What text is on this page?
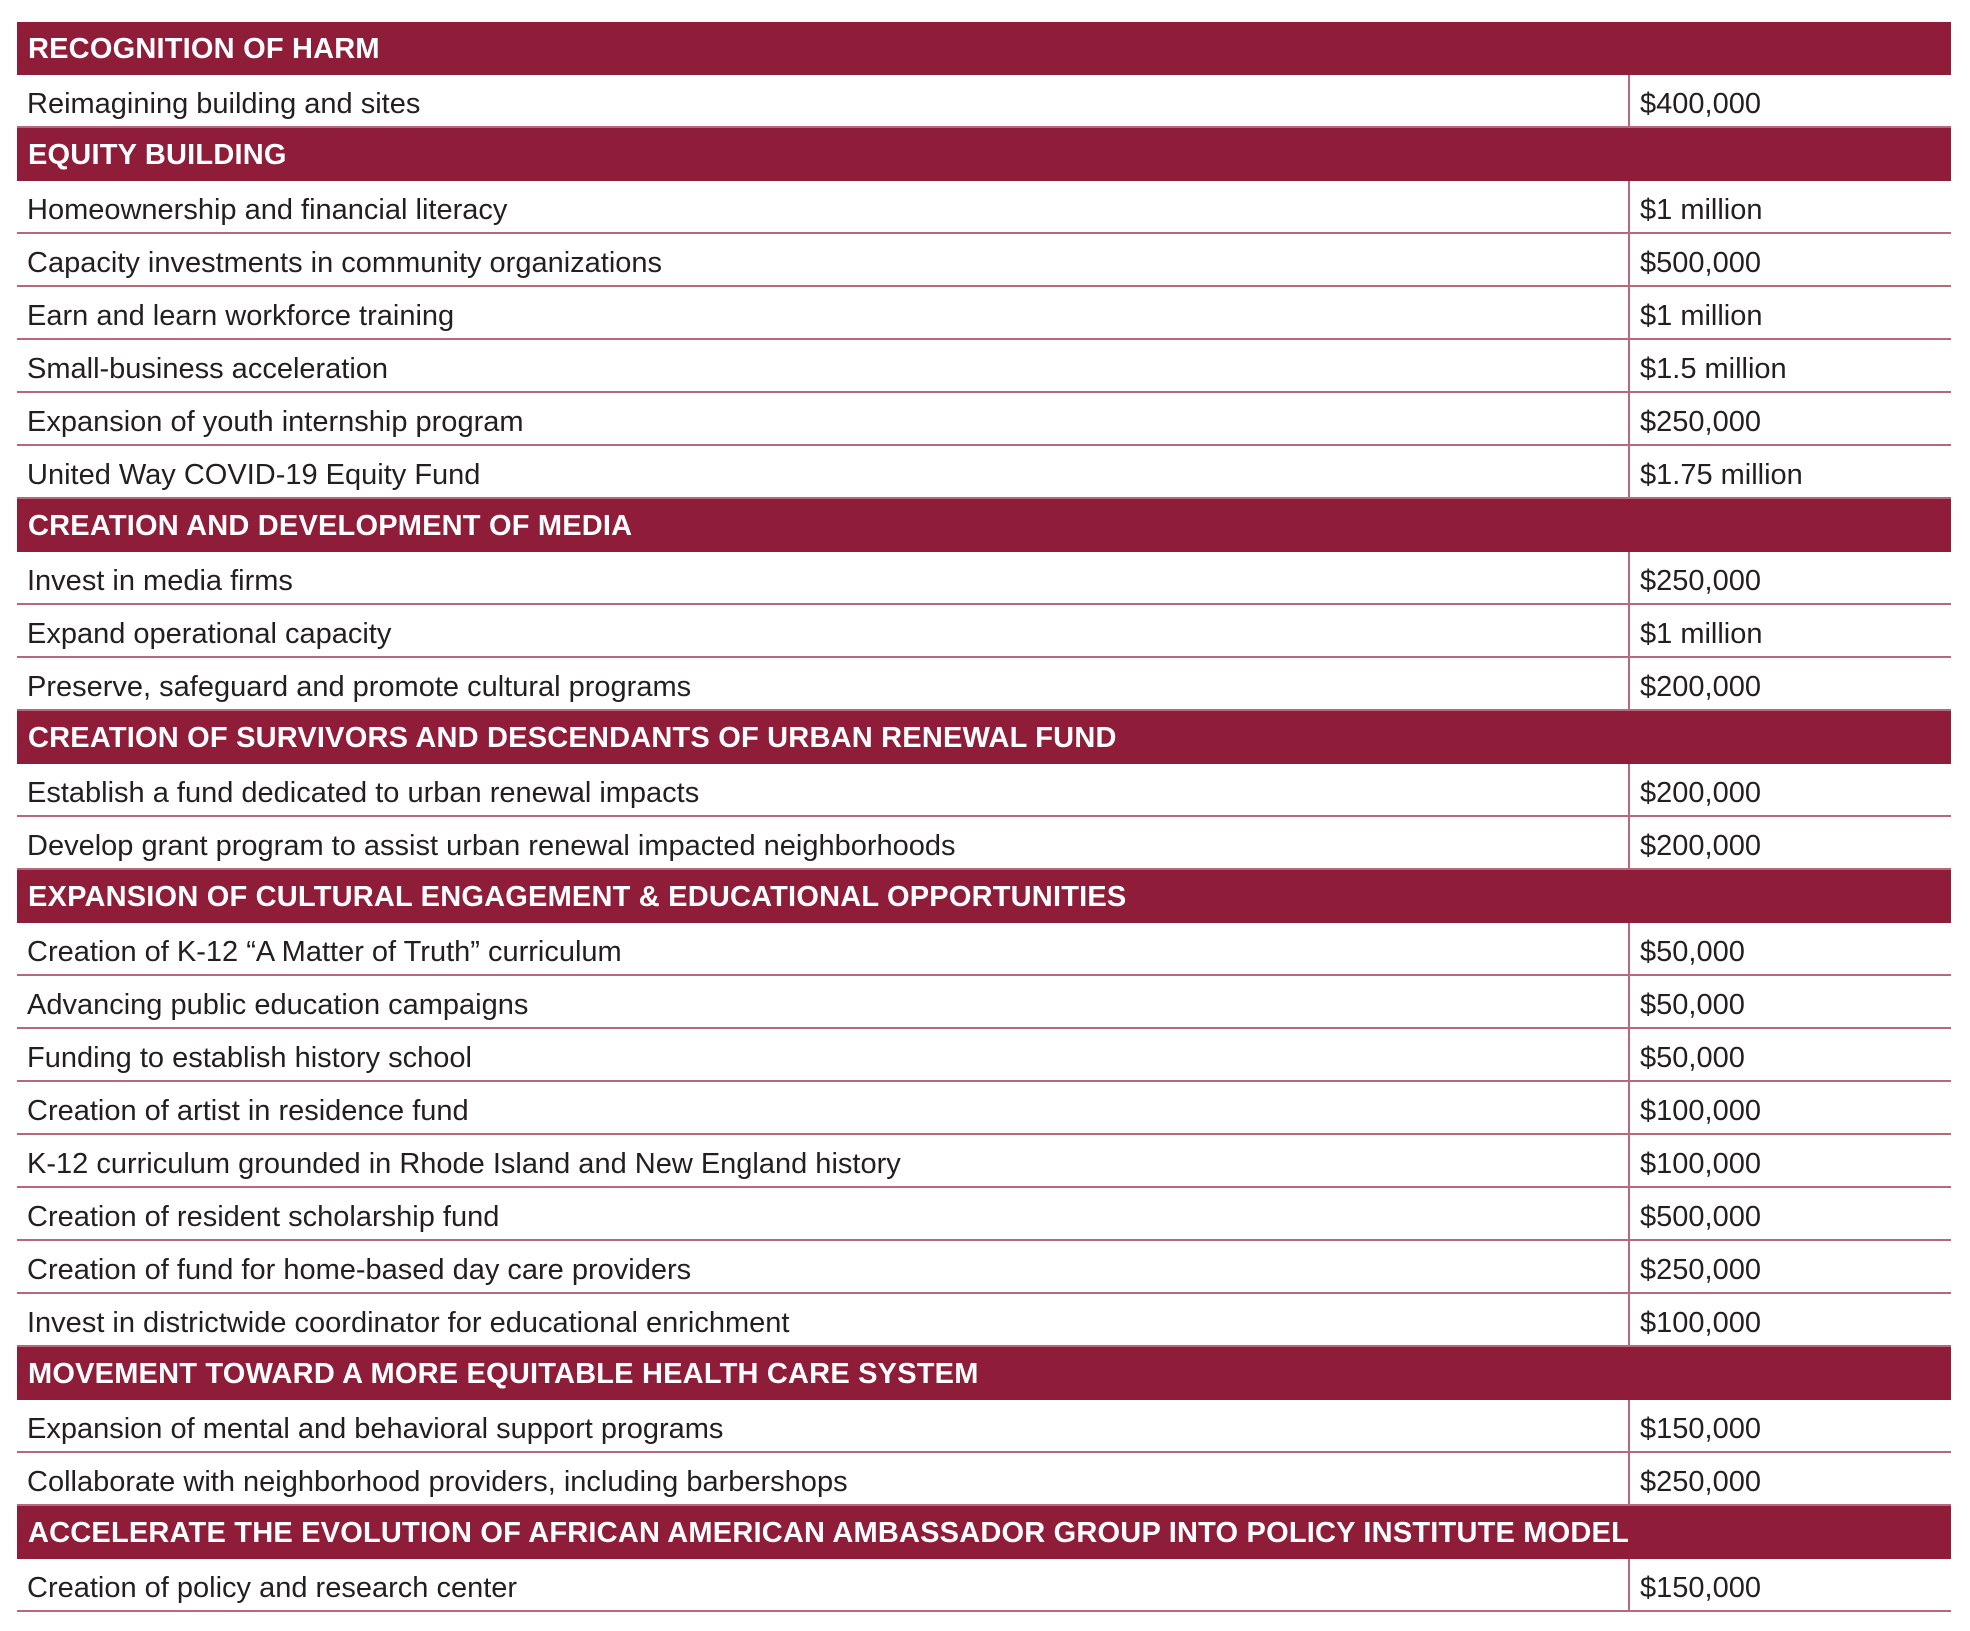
RECOGNITION OF HARM
Reimagining building and sites	$400,000
EQUITY BUILDING
Homeownership and financial literacy	$1 million
Capacity investments in community organizations	$500,000
Earn and learn workforce training	$1 million
Small-business acceleration	$1.5 million
Expansion of youth internship program	$250,000
United Way COVID-19 Equity Fund	$1.75 million
CREATION AND DEVELOPMENT OF MEDIA
Invest in media firms	$250,000
Expand operational capacity	$1 million
Preserve, safeguard and promote cultural programs	$200,000
CREATION OF SURVIVORS AND DESCENDANTS OF URBAN RENEWAL FUND
Establish a fund dedicated to urban renewal impacts	$200,000
Develop grant program to assist urban renewal impacted neighborhoods	$200,000
EXPANSION OF CULTURAL ENGAGEMENT & EDUCATIONAL OPPORTUNITIES
Creation of K-12 “A Matter of Truth” curriculum	$50,000
Advancing public education campaigns	$50,000
Funding to establish history school	$50,000
Creation of artist in residence fund	$100,000
K-12 curriculum grounded in Rhode Island and New England history	$100,000
Creation of resident scholarship fund	$500,000
Creation of fund for home-based day care providers	$250,000
Invest in districtwide coordinator for educational enrichment	$100,000
MOVEMENT TOWARD A MORE EQUITABLE HEALTH CARE SYSTEM
Expansion of mental and behavioral support programs	$150,000
Collaborate with neighborhood providers, including barbershops	$250,000
ACCELERATE THE EVOLUTION OF AFRICAN AMERICAN AMBASSADOR GROUP INTO POLICY INSTITUTE MODEL
Creation of policy and research center	$150,000
